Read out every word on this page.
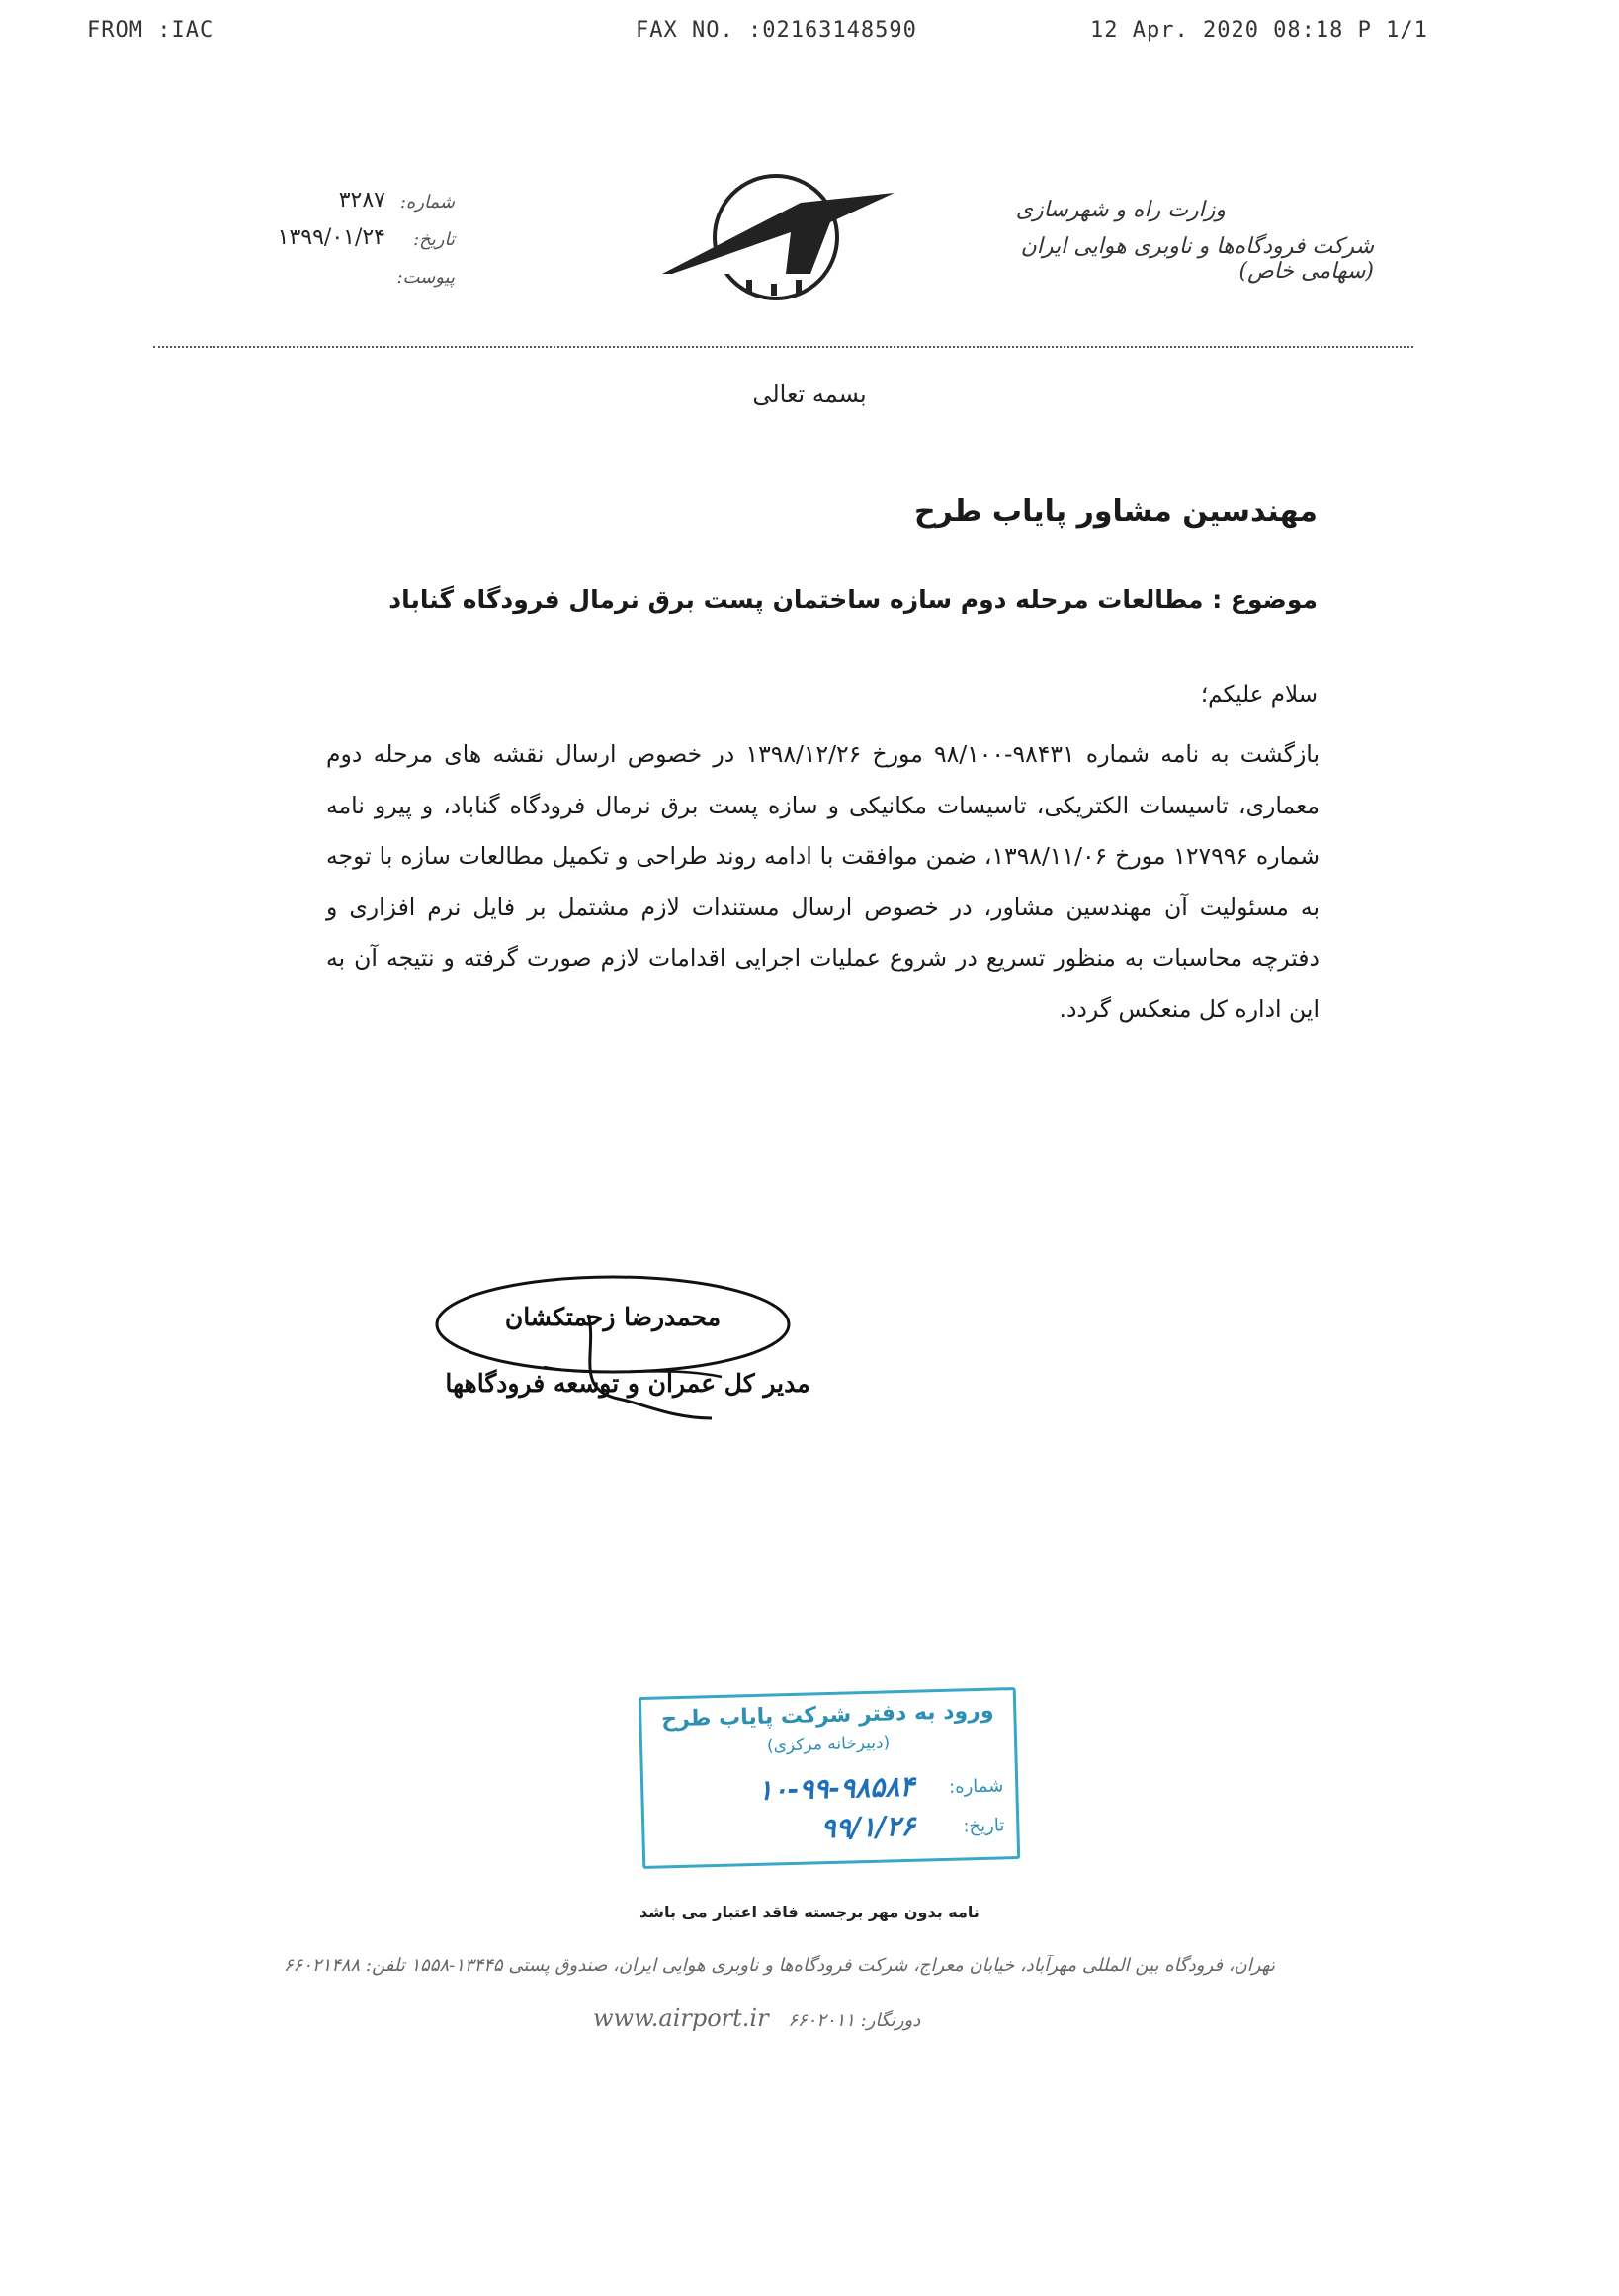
FROM :IAC	FAX NO. :02163148590	12 Apr. 2020 08:18 P 1/1
شماره:
۳۲۸۷
تاریخ:
۱۳۹۹/۰۱/۲۴
پیوست:
وزارت راه و شهرسازی
شرکت فرودگاه‌ها و ناوبری هوایی ایران (سهامی خاص)
بسمه تعالی
مهندسین مشاور پایاب طرح
موضوع : مطالعات مرحله دوم سازه ساختمان پست برق نرمال فرودگاه گناباد
سلام علیکم؛
بازگشت به نامه شماره ۹۸۴۳۱-۹۸/۱۰۰ مورخ ۱۳۹۸/۱۲/۲۶ در خصوص ارسال نقشه های مرحله دوم معماری، تاسیسات الکتریکی، تاسیسات مکانیکی و سازه پست برق نرمال فرودگاه گناباد، و پیرو نامه شماره ۱۲۷۹۹۶ مورخ ۱۳۹۸/۱۱/۰۶، ضمن موافقت با ادامه روند طراحی و تکمیل مطالعات سازه با توجه به مسئولیت آن مهندسین مشاور، در خصوص ارسال مستندات لازم مشتمل بر فایل نرم افزاری و دفترچه محاسبات به منظور تسریع در شروع عملیات اجرایی اقدامات لازم صورت گرفته و نتیجه آن به این اداره کل منعکس گردد.
محمدرضا زحمتکشان
مدیر کل عمران و توسعه فرودگاهها
ورود به دفتر شرکت پایاب طرح
(دبیرخانه مرکزی)
شماره:
۱۰-۹۹-۹۸۵۸۴
تاریخ:
۹۹/۱/۲۶
نامه بدون مهر برجسته فاقد اعتبار می باشد
تهران، فرودگاه بین المللی مهرآباد، خیابان معراج، شرکت فرودگاه‌ها و ناوبری هوایی ایران، صندوق پستی ۱۳۴۴۵-۱۵۵۸ تلفن: ۶۶۰۲۱۴۸۸
www.airport.ir دورنگار: ۶۶۰۲۰۱۱
